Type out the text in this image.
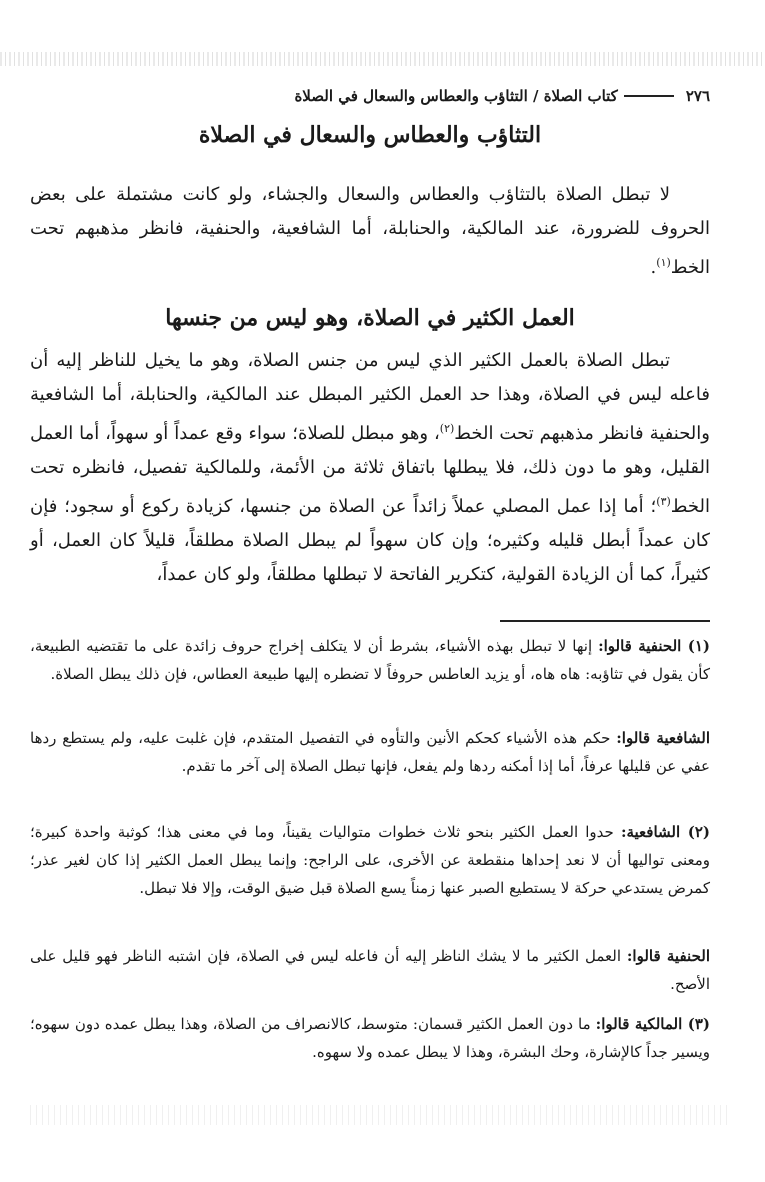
٢٧٦
كتاب الصلاة / التثاؤب والعطاس والسعال في الصلاة
التثاؤب والعطاس والسعال في الصلاة
لا تبطل الصلاة بالتثاؤب والعطاس والسعال والجشاء، ولو كانت مشتملة على بعض الحروف للضرورة، عند المالكية، والحنابلة، أما الشافعية، والحنفية، فانظر مذهبهم تحت الخط$^{(١)}$.
العمل الكثير في الصلاة، وهو ليس من جنسها
تبطل الصلاة بالعمل الكثير الذي ليس من جنس الصلاة، وهو ما يخيل للناظر إليه أن فاعله ليس في الصلاة، وهذا حد العمل الكثير المبطل عند المالكية، والحنابلة، أما الشافعية والحنفية فانظر مذهبهم تحت الخط$^{(٢)}$، وهو مبطل للصلاة؛ سواء وقع عمداً أو سهواً، أما العمل القليل، وهو ما دون ذلك، فلا يبطلها باتفاق ثلاثة من الأئمة، وللمالكية تفصيل، فانظره تحت الخط$^{(٣)}$؛ أما إذا عمل المصلي عملاً زائداً عن الصلاة من جنسها، كزيادة ركوع أو سجود؛ فإن كان عمداً أبطل قليله وكثيره؛ وإن كان سهواً لم يبطل الصلاة مطلقاً، قليلاً كان العمل، أو كثيراً، كما أن الزيادة القولية، كتكرير الفاتحة لا تبطلها مطلقاً، ولو كان عمداً،
(١) الحنفية قالوا: إنها لا تبطل بهذه الأشياء، بشرط أن لا يتكلف إخراج حروف زائدة على ما تقتضيه الطبيعة، كأن يقول في تثاؤبه: هاه هاه، أو يزيد العاطس حروفاً لا تضطره إليها طبيعة العطاس، فإن ذلك يبطل الصلاة.
الشافعية قالوا: حكم هذه الأشياء كحكم الأنين والتأوه في التفصيل المتقدم، فإن غلبت عليه، ولم يستطع ردها عفي عن قليلها عرفاً، أما إذا أمكنه ردها ولم يفعل، فإنها تبطل الصلاة إلى آخر ما تقدم.
(٢) الشافعية: حدوا العمل الكثير بنحو ثلاث خطوات متواليات يقيناً، وما في معنى هذا؛ كوثبة واحدة كبيرة؛ ومعنى تواليها أن لا نعد إحداها منقطعة عن الأخرى، على الراجح: وإنما يبطل العمل الكثير إذا كان لغير عذر؛ كمرض يستدعي حركة لا يستطيع الصبر عنها زمناً يسع الصلاة قبل ضيق الوقت، وإلا فلا تبطل.
الحنفية قالوا: العمل الكثير ما لا يشك الناظر إليه أن فاعله ليس في الصلاة، فإن اشتبه الناظر فهو قليل على الأصح.
(٣) المالكية قالوا: ما دون العمل الكثير قسمان: متوسط، كالانصراف من الصلاة، وهذا يبطل عمده دون سهوه؛ ويسير جداً كالإشارة، وحك البشرة، وهذا لا يبطل عمده ولا سهوه.
